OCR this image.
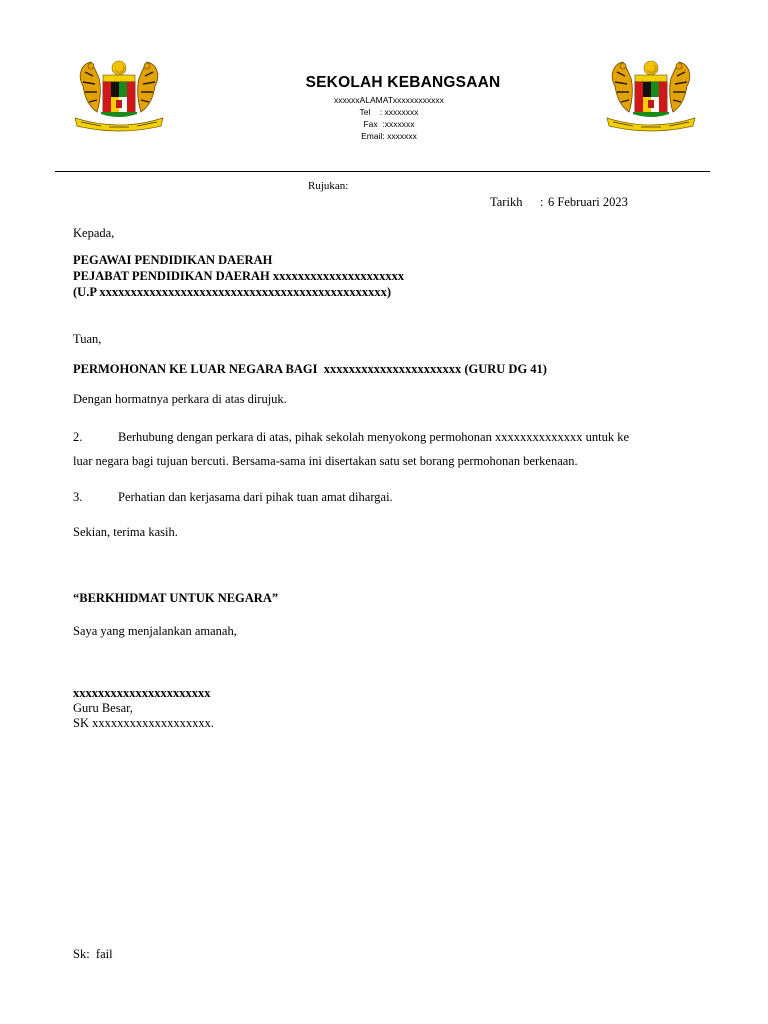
SEKOLAH KEBANGSAAN
xxxxxxALAMATxxxxxxxxxxxx
Tel    : xxxxxxxx
Fax  :xxxxxxx
Email: xxxxxxx
Rujukan:
Tarikh : 6 Februari 2023
Kepada,
PEGAWAI PENDIDIKAN DAERAH
PEJABAT PENDIDIKAN DAERAH xxxxxxxxxxxxxxxxxxxxx
(U.P xxxxxxxxxxxxxxxxxxxxxxxxxxxxxxxxxxxxxxxxxxxxxx)
Tuan,
PERMOHONAN KE LUAR NEGARA BAGI  xxxxxxxxxxxxxxxxxxxxxx (GURU DG 41)
Dengan hormatnya perkara di atas dirujuk.
2.	Berhubung dengan perkara di atas, pihak sekolah menyokong permohonan xxxxxxxxxxxxxx untuk ke
luar negara bagi tujuan bercuti. Bersama-sama ini disertakan satu set borang permohonan berkenaan.
3.	Perhatian dan kerjasama dari pihak tuan amat dihargai.
Sekian, terima kasih.
“BERKHIDMAT UNTUK NEGARA”
Saya yang menjalankan amanah,
xxxxxxxxxxxxxxxxxxxxxx
Guru Besar,
SK xxxxxxxxxxxxxxxxxxx.
Sk:  fail
